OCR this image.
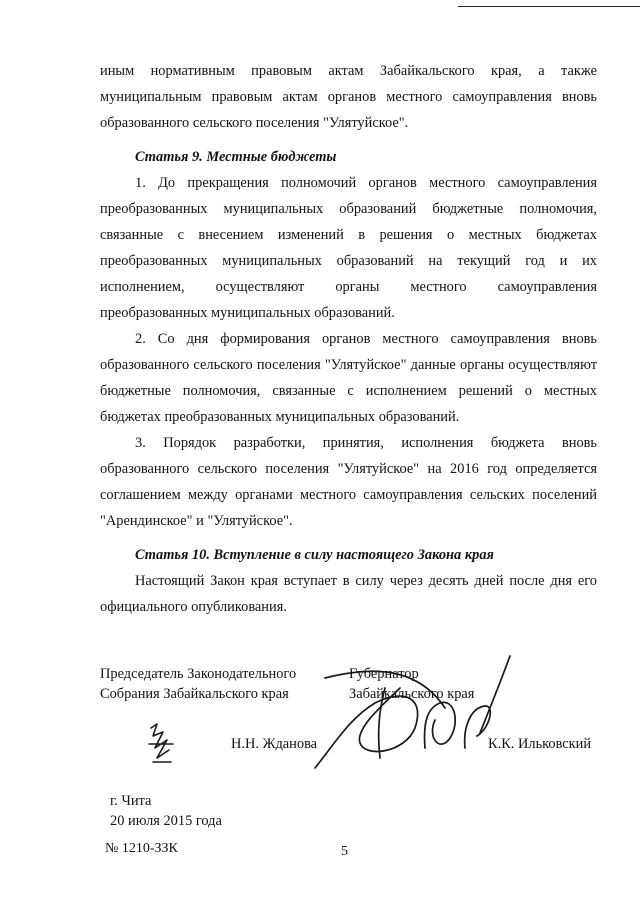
иным нормативным правовым актам Забайкальского края, а также муниципальным правовым актам органов местного самоуправления вновь образованного сельского поселения "Улятуйское".

Статья 9. Местные бюджеты

1. До прекращения полномочий органов местного самоуправления преобразованных муниципальных образований бюджетные полномочия, связанные с внесением изменений в решения о местных бюджетах преобразованных муниципальных образований на текущий год и их исполнением, осуществляют органы местного самоуправления преобразованных муниципальных образований.

2. Со дня формирования органов местного самоуправления вновь образованного сельского поселения "Улятуйское" данные органы осуществляют бюджетные полномочия, связанные с исполнением решений о местных бюджетах преобразованных муниципальных образований.

3. Порядок разработки, принятия, исполнения бюджета вновь образованного сельского поселения "Улятуйское" на 2016 год определяется соглашением между органами местного самоуправления сельских поселений "Арендинское" и "Улятуйское".

Статья 10. Вступление в силу настоящего Закона края

Настоящий Закон края вступает в силу через десять дней после дня его официального опубликования.

Председатель Законодательного
Собрания Забайкальского края
Губернатор
Забайкальского края
Н.Н. Жданова	К.К. Ильковский
г. Чита
20 июля 2015 года
№ 1210-ЗЗК	5
